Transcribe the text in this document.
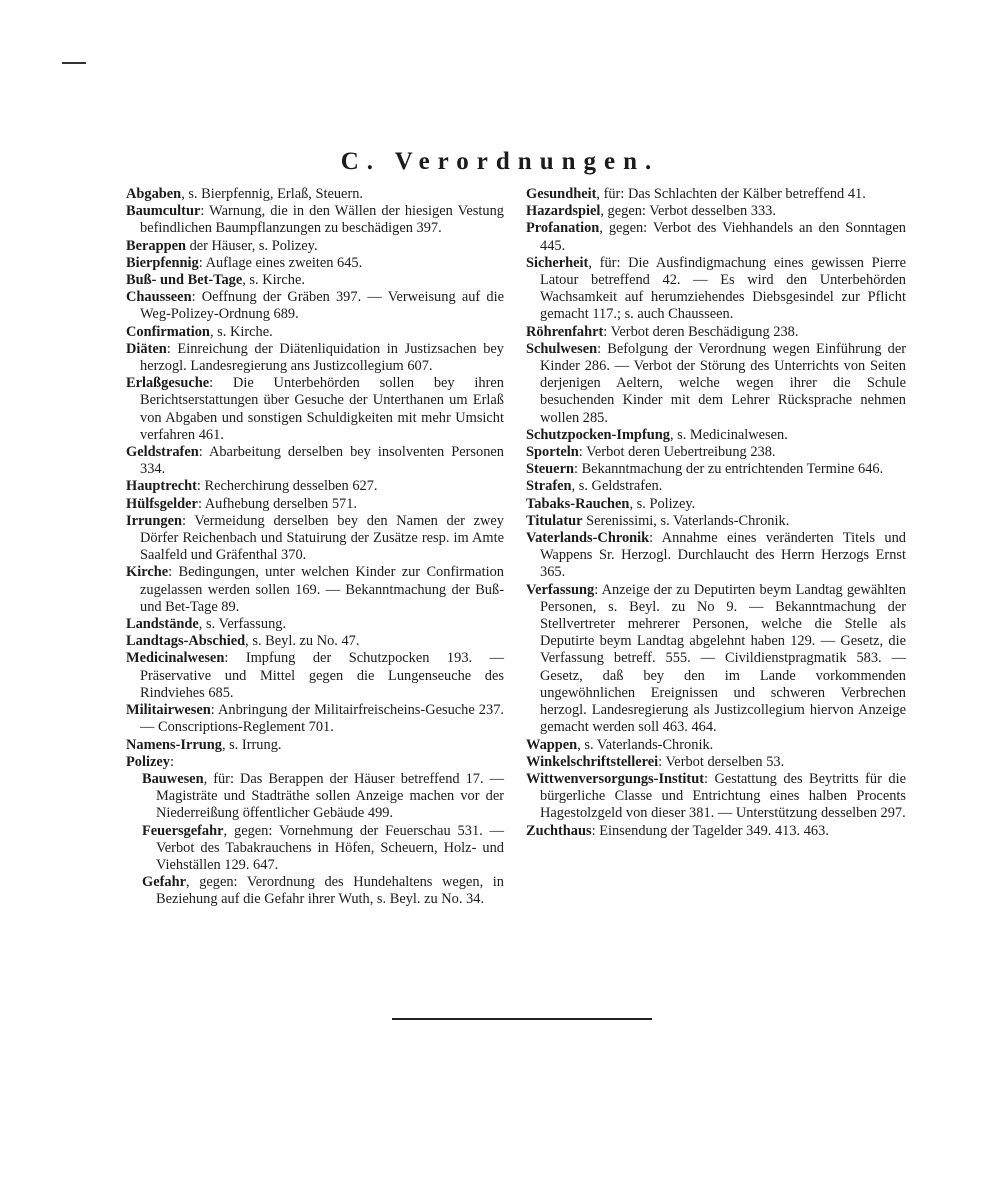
C. Verordnungen.

Abgaben, s. Bierpfennig, Erlaß, Steuern.

Baumcultur: Warnung, die in den Wällen der hiesigen Vestung befindlichen Baumpflanzungen zu beschädigen 397.

Berappen der Häuser, s. Polizey.

Bierpfennig: Auflage eines zweiten 645.

Buß- und Bet-Tage, s. Kirche.

Chausseen: Oeffnung der Gräben 397. — Verweisung auf die Weg-Polizey-Ordnung 689.

Confirmation, s. Kirche.

Diäten: Einreichung der Diätenliquidation in Justizsachen bey herzogl. Landesregierung ans Justizcollegium 607.

Erlaßgesuche: Die Unterbehörden sollen bey ihren Berichtserstattungen über Gesuche der Unterthanen um Erlaß von Abgaben und sonstigen Schuldigkeiten mit mehr Umsicht verfahren 461.

Geldstrafen: Abarbeitung derselben bey insolventen Personen 334.

Hauptrecht: Recherchirung desselben 627.

Hülfsgelder: Aufhebung derselben 571.

Irrungen: Vermeidung derselben bey den Namen der zwey Dörfer Reichenbach und Statuirung der Zusätze resp. im Amte Saalfeld und Gräfenthal 370.

Kirche: Bedingungen, unter welchen Kinder zur Confirmation zugelassen werden sollen 169. — Bekanntmachung der Buß- und Bet-Tage 89.

Landstände, s. Verfassung.

Landtags-Abschied, s. Beyl. zu No. 47.

Medicinalwesen: Impfung der Schutzpocken 193. — Präservative und Mittel gegen die Lungenseuche des Rindviehes 685.

Militairwesen: Anbringung der Militairfreischeins-Gesuche 237. — Conscriptions-Reglement 701.

Namens-Irrung, s. Irrung.

Polizey:

Bauwesen, für: Das Berappen der Häuser betreffend 17. — Magisträte und Stadträthe sollen Anzeige machen vor der Niederreißung öffentlicher Gebäude 499.

Feuersgefahr, gegen: Vornehmung der Feuerschau 531. — Verbot des Tabakrauchens in Höfen, Scheuern, Holz- und Viehställen 129. 647.

Gefahr, gegen: Verordnung des Hundehaltens wegen, in Beziehung auf die Gefahr ihrer Wuth, s. Beyl. zu No. 34.

Gesundheit, für: Das Schlachten der Kälber betreffend 41.

Hazardspiel, gegen: Verbot desselben 333.

Profanation, gegen: Verbot des Viehhandels an den Sonntagen 445.

Sicherheit, für: Die Ausfindigmachung eines gewissen Pierre Latour betreffend 42. — Es wird den Unterbehörden Wachsamkeit auf herumziehendes Diebsgesindel zur Pflicht gemacht 117.; s. auch Chausseen.

Röhrenfahrt: Verbot deren Beschädigung 238.

Schulwesen: Befolgung der Verordnung wegen Einführung der Kinder 286. — Verbot der Störung des Unterrichts von Seiten derjenigen Aeltern, welche wegen ihrer die Schule besuchenden Kinder mit dem Lehrer Rücksprache nehmen wollen 285.

Schutzpocken-Impfung, s. Medicinalwesen.

Sporteln: Verbot deren Uebertreibung 238.

Steuern: Bekanntmachung der zu entrichtenden Termine 646.

Strafen, s. Geldstrafen.

Tabaks-Rauchen, s. Polizey.

Titulatur Serenissimi, s. Vaterlands-Chronik.

Vaterlands-Chronik: Annahme eines veränderten Titels und Wappens Sr. Herzogl. Durchlaucht des Herrn Herzogs Ernst 365.

Verfassung: Anzeige der zu Deputirten beym Landtag gewählten Personen, s. Beyl. zu No 9. — Bekanntmachung der Stellvertreter mehrerer Personen, welche die Stelle als Deputirte beym Landtag abgelehnt haben 129. — Gesetz, die Verfassung betreff. 555. — Civildienstpragmatik 583. — Gesetz, daß bey den im Lande vorkommenden ungewöhnlichen Ereignissen und schweren Verbrechen herzogl. Landesregierung als Justizcollegium hiervon Anzeige gemacht werden soll 463. 464.

Wappen, s. Vaterlands-Chronik.

Winkelschriftstellerei: Verbot derselben 53.

Wittwenversorgungs-Institut: Gestattung des Beytritts für die bürgerliche Classe und Entrichtung eines halben Procents Hagestolzgeld von dieser 381. — Unterstützung desselben 297.

Zuchthaus: Einsendung der Tagelder 349. 413. 463.
